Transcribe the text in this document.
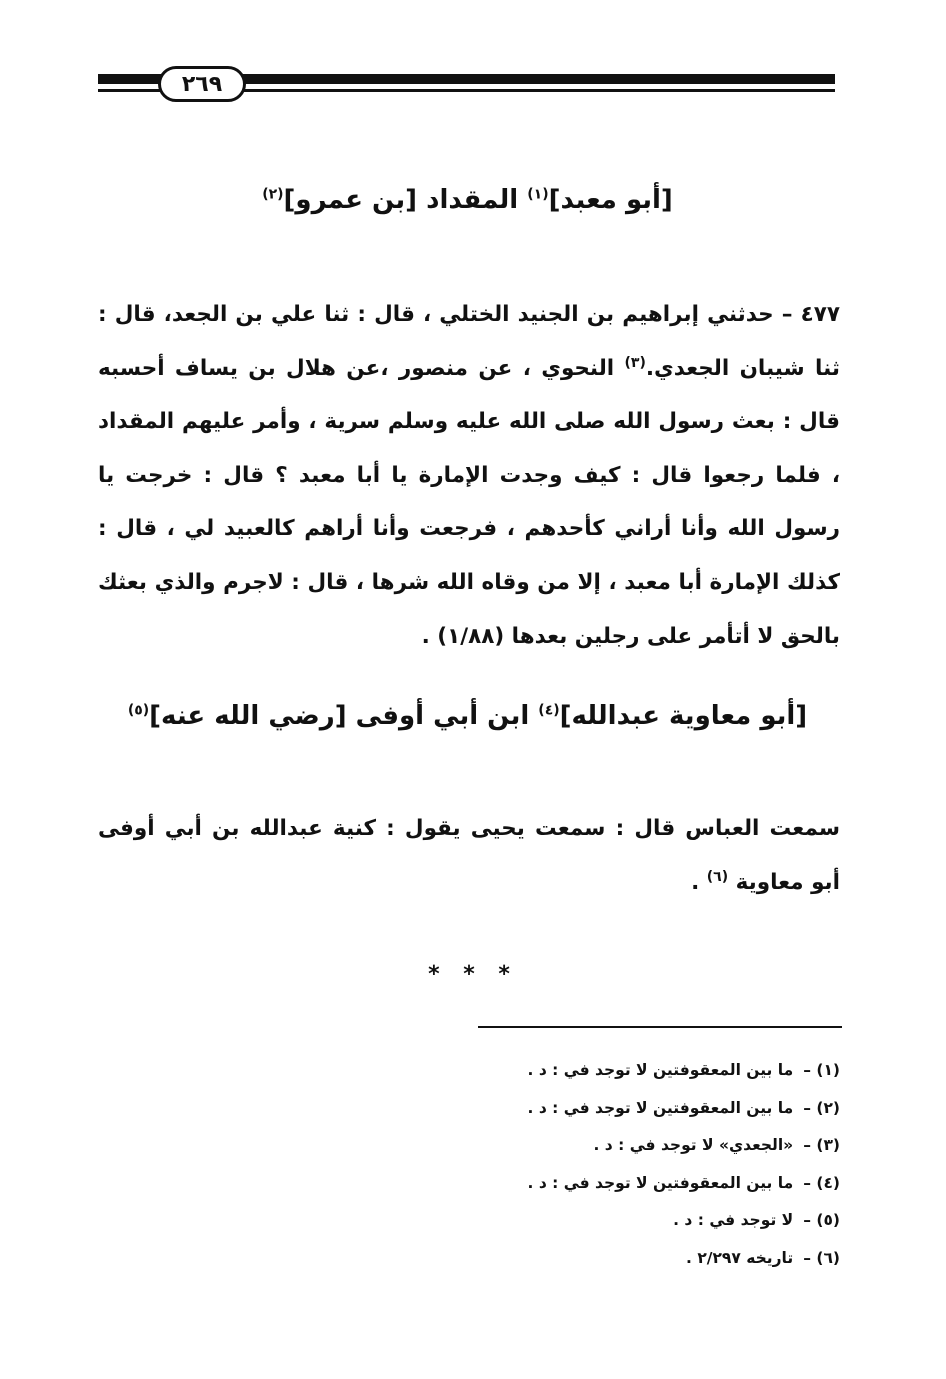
٢٦٩
[أبو معبد]$^{(١)}$ المقداد [بن عمرو]$^{(٢)}$

٤٧٧ – حدثني إبراهيم بن الجنيد الختلي ، قال : ثنا علي بن الجعد، قال : ثنا شيبان الجعدي.$^{(٣)}$ النحوي ، عن منصور ،عن هلال بن يساف أحسبه قال : بعث رسول الله صلى الله عليه وسلم سرية ، وأمر عليهم المقداد ، فلما رجعوا قال : كيف وجدت الإمارة يا أبا معبد ؟ قال : خرجت يا رسول الله وأنا أراني كأحدهم ، فرجعت وأنا أراهم كالعبيد لي ، قال : كذلك الإمارة أبا معبد ، إلا من وقاه الله شرها ، قال : لاجرم والذي بعثك بالحق لا أتأمر على رجلين بعدها (١/٨٨) .

[أبو معاوية عبدالله]$^{(٤)}$ ابن أبي أوفى [رضي الله عنه]$^{(٥)}$

سمعت العباس قال : سمعت يحيى يقول : كنية عبدالله بن أبي أوفى أبو معاوية $^{(٦)}$ .

* * *
(١) –
ما بين المعقوفتين لا توجد في : د .
(٢) –
ما بين المعقوفتين لا توجد في : د .
(٣) –
«الجعدي» لا توجد في : د .
(٤) –
ما بين المعقوفتين لا توجد في : د .
(٥) –
لا توجد في : د .
(٦) –
تاريخه ٢/٢٩٧ .
